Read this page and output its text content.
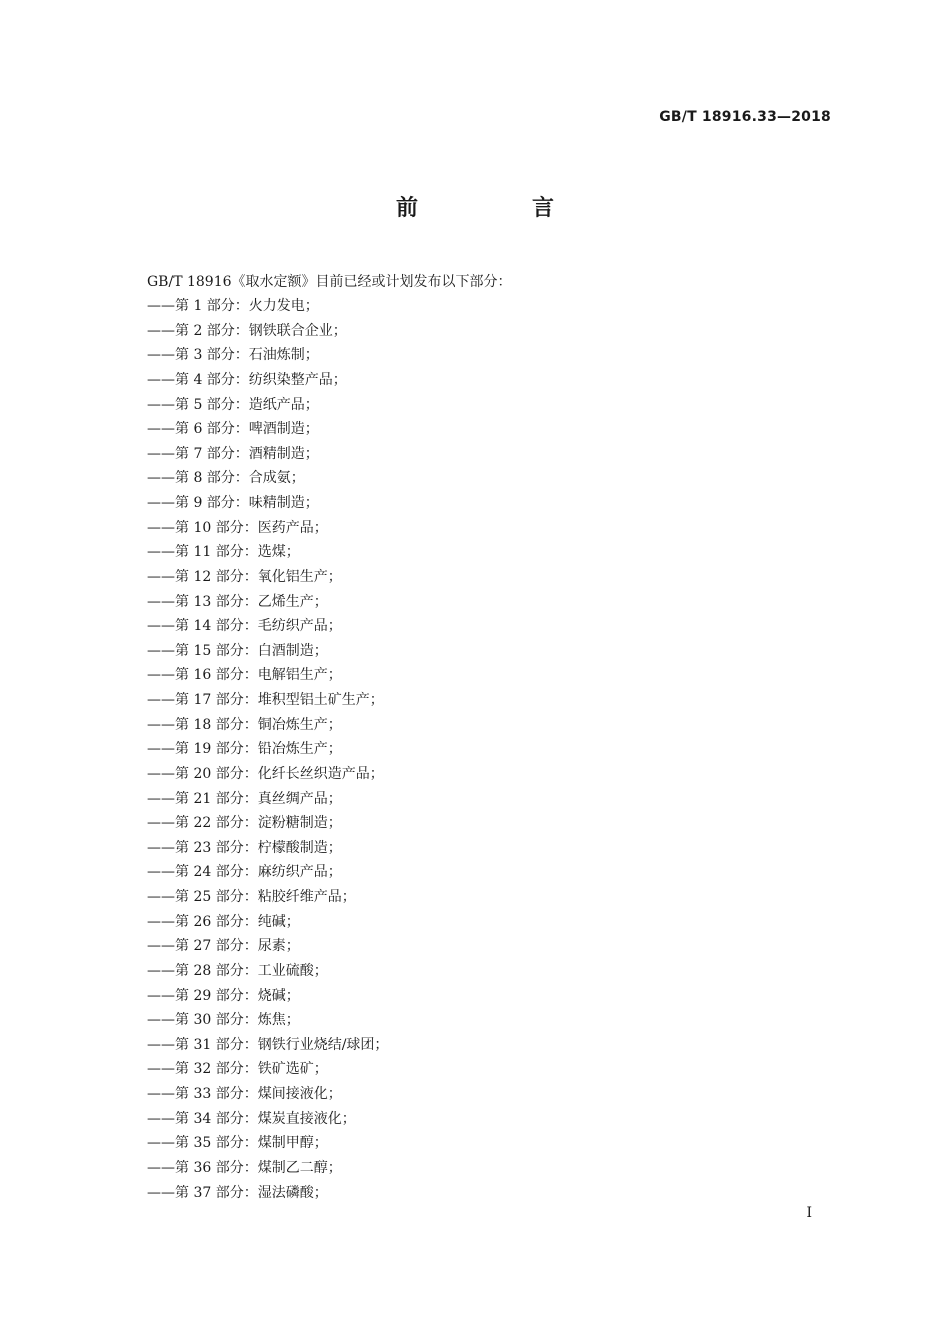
GB/T 18916.33—2018
前　言
GB/T 18916《取水定额》目前已经或计划发布以下部分：
——第 1 部分：火力发电；
——第 2 部分：钢铁联合企业；
——第 3 部分：石油炼制；
——第 4 部分：纺织染整产品；
——第 5 部分：造纸产品；
——第 6 部分：啤酒制造；
——第 7 部分：酒精制造；
——第 8 部分：合成氨；
——第 9 部分：味精制造；
——第 10 部分：医药产品；
——第 11 部分：选煤；
——第 12 部分：氧化铝生产；
——第 13 部分：乙烯生产；
——第 14 部分：毛纺织产品；
——第 15 部分：白酒制造；
——第 16 部分：电解铝生产；
——第 17 部分：堆积型铝土矿生产；
——第 18 部分：铜冶炼生产；
——第 19 部分：铅冶炼生产；
——第 20 部分：化纤长丝织造产品；
——第 21 部分：真丝绸产品；
——第 22 部分：淀粉糖制造；
——第 23 部分：柠檬酸制造；
——第 24 部分：麻纺织产品；
——第 25 部分：粘胶纤维产品；
——第 26 部分：纯碱；
——第 27 部分：尿素；
——第 28 部分：工业硫酸；
——第 29 部分：烧碱；
——第 30 部分：炼焦；
——第 31 部分：钢铁行业烧结/球团；
——第 32 部分：铁矿选矿；
——第 33 部分：煤间接液化；
——第 34 部分：煤炭直接液化；
——第 35 部分：煤制甲醇；
——第 36 部分：煤制乙二醇；
——第 37 部分：湿法磷酸；
I
